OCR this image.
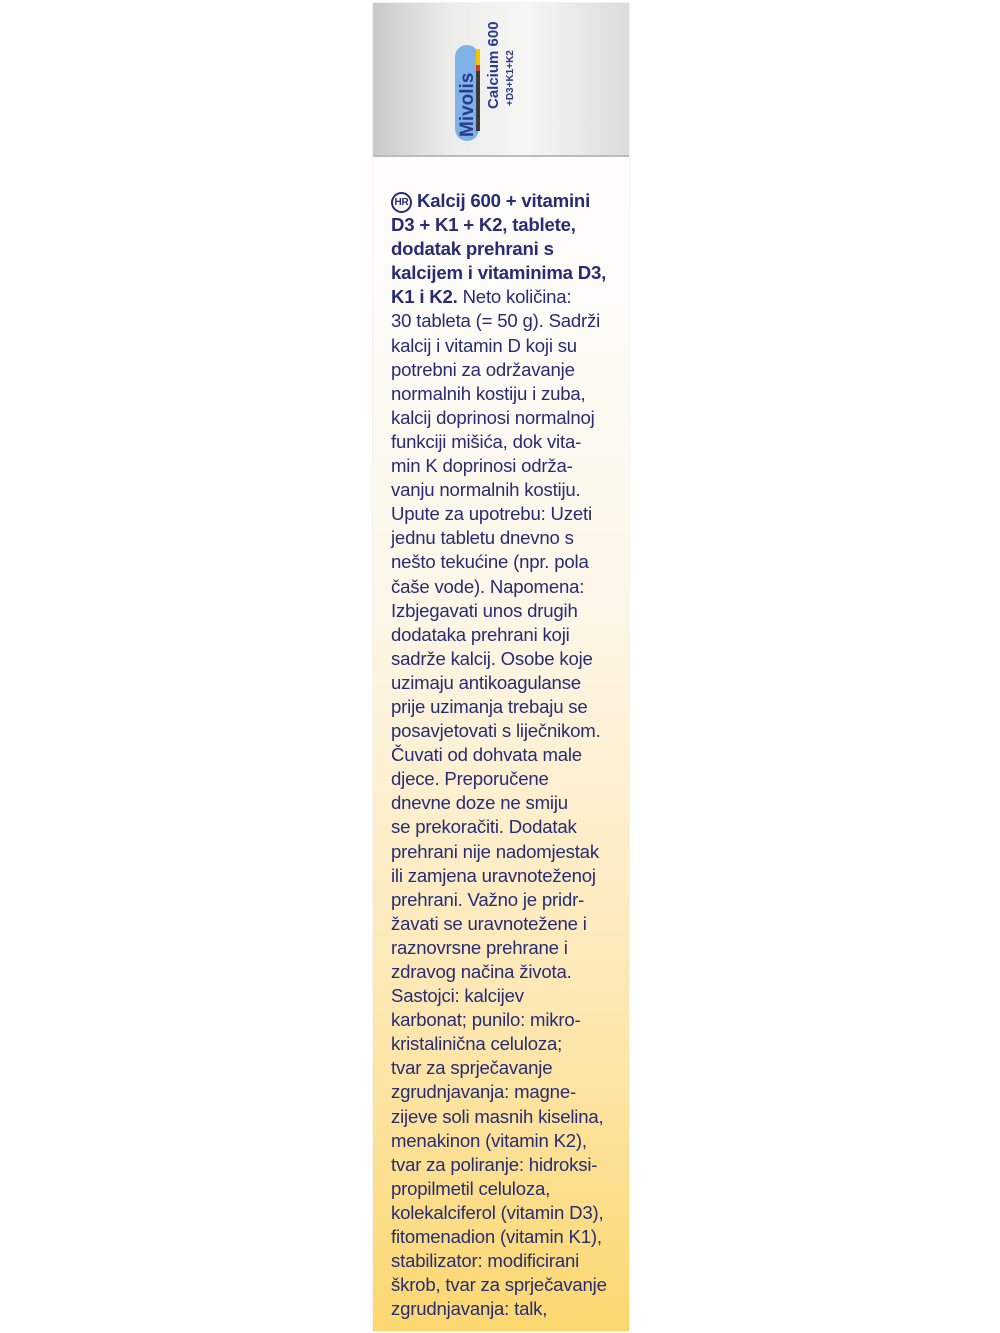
Mivolis Calcium 600 +D3+K1+K2
HR Kalcij 600 + vitamini
D3 + K1 + K2, tablete,
dodatak prehrani s
kalcijem i vitaminima D3,
K1 i K2. Neto količina:
30 tableta (= 50 g). Sadrži
kalcij i vitamin D koji su
potrebni za održavanje
normalnih kostiju i zuba,
kalcij doprinosi normalnoj
funkciji mišića, dok vita-
min K doprinosi održa-
vanju normalnih kostiju.
Upute za upotrebu: Uzeti
jednu tabletu dnevno s
nešto tekućine (npr. pola
čaše vode). Napomena:
Izbjegavati unos drugih
dodataka prehrani koji
sadrže kalcij. Osobe koje
uzimaju antikoagulanse
prije uzimanja trebaju se
posavjetovati s liječnikom.
Čuvati od dohvata male
djece. Preporučene
dnevne doze ne smiju
se prekoračiti. Dodatak
prehrani nije nadomjestak
ili zamjena uravnoteženoj
prehrani. Važno je pridr-
žavati se uravnotežene i
raznovrsne prehrane i
zdravog načina života.
Sastojci: kalcijev
karbonat; punilo: mikro-
kristalinična celuloza;
tvar za sprječavanje
zgrudnjavanja: magne-
zijeve soli masnih kiselina,
menakinon (vitamin K2),
tvar za poliranje: hidroksi-
propilmetil celuloza,
kolekalciferol (vitamin D3),
fitomenadion (vitamin K1),
stabilizator: modificirani
škrob, tvar za sprječavanje
zgrudnjavanja: talk,
